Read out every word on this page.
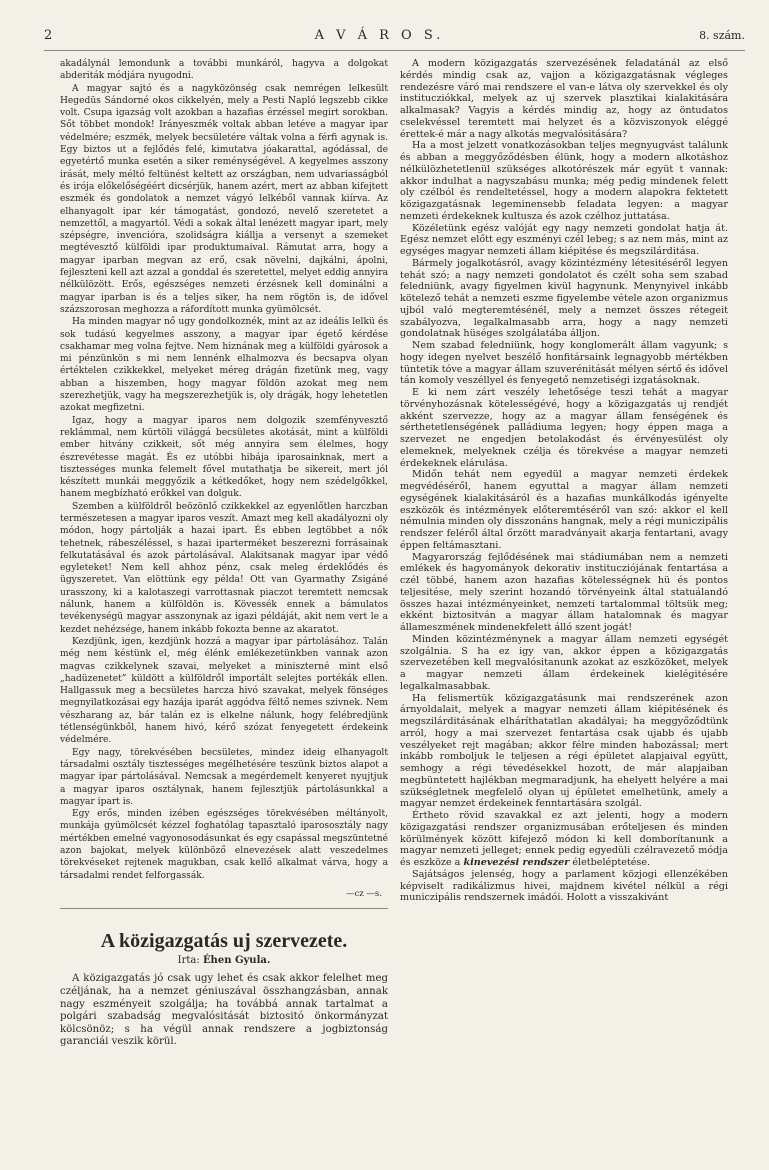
2	A V Á R O S.	8. szám.

akadálynál lemondunk a további munkáról, hagyva a dolgokat abderiták módjára nyugodni.

A magyar sajtó és a nagyközönség csak nemrégen lelkesült Hegedüs Sándorné okos cikkelyén, mely a Pesti Napló legszebb cikke volt. Csupa igazság volt azokban a hazafias érzéssel megirt sorokban. Sőt többet mondok! Irányeszmék voltak abban letéve a magyar ipar védelmére; eszmék, melyek becsületére váltak volna a férfi agynak is. Egy biztos ut a fejlődés felé, kimutatva jóakarattal, agódással, de egyetértő munka esetén a siker reménységével. A kegyelmes asszony irását, mely méltó feltünést keltett az országban, nem udvariasságból és irója előkelőségéért dicsérjük, hanem azért, mert az abban kifejtett eszmék és gondolatok a nemzet vágyó lelkéből vannak kiírva. Az elhanyagolt ipar kér támogatást, gondozó, nevelő szeretetet a nemzettől, a magyartól. Védi a sokak által lenézett magyar ipart, mely szépségre, invencióra, szolidságra kiállja a versenyt a szemeket megtévesztő külföldi ipar produktumaival. Rámutat arra, hogy a magyar iparban megvan az erő, csak növelni, dajkálni, ápolni, fejleszteni kell azt azzal a gonddal és szeretettel, melyet eddig annyira nélkülözött. Erős, egészséges nemzeti érzésnek kell dominálni a magyar iparban is és a teljes siker, ha nem rögtön is, de idővel százszorosan meghozza a ráfordított munka gyümölcsét.

Ha minden magyar nő ugy gondolkoznék, mint az az ideális lelkü és sok tudású kegyelmes asszony, a magyar ipar égető kérdése csakhamar meg volna fejtve. Nem hiznának meg a külföldi gyárosok a mi pénzünkön s mi nem lennénk elhalmozva és becsapva olyan értéktelen czikkekkel, melyeket méreg drágán fizetünk meg, vagy abban a hiszemben, hogy magyar földön azokat meg nem szerezhetjük, vagy ha megszerezhetjük is, oly drágák, hogy lehetetlen azokat megfizetni.

Igaz, hogy a magyar iparos nem dolgozik szemfényvesztő reklámmal, nem kürtöli világgá becsületes akotását, mint a külföldi ember hitvány czikkeit, sőt még annyira sem élelmes, hogy észrevétesse magát. És ez utóbbi hibája iparosainknak, mert a tisztességes munka felemelt fővel mutathatja be sikereit, mert jól készített munkái meggyőzik a kétkedőket, hogy nem szédelgőkkel, hanem megbízható erőkkel van dolguk.

Szemben a külföldről beözönlő czikkekkel az egyenlőtlen harczban természetesen a magyar iparos veszít. Amazt meg kell akadályozni oly módon, hogy pártolják a hazai ipart. És ebben legtöbbet a nők tehetnek, rábeszéléssel, s hazai iparterméket beszerezni forrásainak felkutatásával és azok pártolásával. Alakitsanak magyar ipar védő egyleteket! Nem kell ahhoz pénz, csak meleg érdeklődés és ügyszeretet. Van elöttünk egy példa! Ott van Gyarmathy Zsigáné urasszony, ki a kalotaszegi varrottasnak piaczot teremtett nemcsak nálunk, hanem a külföldön is. Kövessék ennek a bámulatos tevékenységü magyar asszonynak az igazi példáját, akit nem vert le a kezdet nehézsége, hanem inkább fokozta benne az akaratot.

Kezdjünk, igen, kezdjünk hozzá a magyar ipar pártolásához. Talán még nem késtünk el, még élénk emlékezetünkben vannak azon magvas czikkelynek szavai, melyeket a miniszterné mint első „hadüzenetet” küldött a külföldről importált selejtes portékák ellen. Hallgassuk meg a becsületes harcza hivó szavakat, melyek fönséges megnyilatkozásai egy hazája iparát aggódva féltő nemes szivnek. Nem vészharang az, bár talán ez is elkelne nálunk, hogy felébredjünk tétlenségünkből, hanem hivó, kérő szózat fenyegetett érdekeink védelmére.

Egy nagy, törekvésében becsületes, mindez ideig elhanyagolt társadalmi osztály tisztességes megélhetésére teszünk biztos alapot a magyar ipar pártolásával. Nemcsak a megérdemelt kenyeret nyujtjuk a magyar iparos osztálynak, hanem fejlesztjük pártolásunkkal a magyar ipart is.

Egy erős, minden izében egészséges törekvésében méltányolt, munkája gyümölcsét kézzel foghatólag tapasztaló iparososztály nagy mértékben emelné vagyonosodásunkat és egy csapással megszüntetné azon bajokat, melyek különböző elnevezések alatt veszedelmes törekvéseket rejtenek magukban, csak kellő alkalmat várva, hogy a társadalmi rendet felforgassák.

—cz —s.
A közigazgatás uj szervezete.
Irta: Éhen Gyula.

A közigazgatás jó csak ugy lehet és csak akkor felelhet meg czéljának, ha a nemzet géniuszával összhangzásban, annak nagy eszményeit szolgálja; ha továbbá annak tartalmat a polgári szabadság megvalósitását biztositó önkormányzat kölcsönöz; s ha végül annak rendszere a jogbiztonság garanciái veszik körül.

A modern közigazgatás szervezésének feladatánál az első kérdés mindig csak az, vajjon a közigazgatásnak végleges rendezésre váró mai rendszere el van-e látva oly szervekkel és oly institucziókkal, melyek az uj szervek plasztikai kialakitására alkalmasak? Vagyis a kérdés mindig az, hogy az öntudatos cselekvéssel teremtett mai helyzet és a közviszonyok eléggé érettek-é már a nagy alkotás megvalósitására?

Ha a most jelzett vonatkozásokban teljes megnyugvást találunk és abban a meggyőződésben élünk, hogy a modern alkotáshoz nélkülözhetetlenül szükséges alkotórészek már együt t vannak: akkor indulhat a nagyszabásu munka; még pedig mindenek felett oly czélból és rendeltetéssel, hogy a modern alapokra fektetett közigazgatásnak legeminensebb feladata legyen: a magyar nemzeti érdekeknek kultusza és azok czélhoz juttatása.

Közéletünk egész valóját egy nagy nemzeti gondolat hatja át. Egész nemzet előtt egy eszményi czél lebeg; s az nem más, mint az egységes magyar nemzeti állam kiépitése és megszilárditása.

Bármely jogalkotásról, avagy közintézmény létesitéséről legyen tehát szó; a nagy nemzeti gondolatot és czélt soha sem szabad feledniünk, avagy figyelmen kivül hagynunk. Menynyivel inkább kötelező tehát a nemzeti eszme figyelembe vétele azon organizmus ujból való megteremtésénél, mely a nemzet összes rétegeit szabályozva, legalkalmasabb arra, hogy a nagy nemzeti gondolatnak hüséges szolgálatába álljon.

Nem szabad feledniünk, hogy konglomerált állam vagyunk; s hogy idegen nyelvet beszélő honfitársaink legnagyobb mértékben tüntetik tóve a magyar állam szuverénitását mélyen sértő és idővel tán komoly veszéllyel és fenyegető nemzetiségi izgatásoknak.

E ki nem zárt veszély lehetősége teszi tehát a magyar törvényhozásnak kötelességévé, hogy a közigazgatás uj rendjét akként szervezze, hogy az a magyar állam fenségének és sérthetetlenségének palládiuma legyen; hogy éppen maga a szervezet ne engedjen betolakodást és érvényesülést oly elemeknek, melyeknek czélja és törekvése a magyar nemzeti érdekeknek elárulása.

Midőn tehát nem egyedül a magyar nemzeti érdekek megvédéséről, hanem egyuttal a magyar állam nemzeti egységének kialakitásáról és a hazafias munkálkodás igényelte eszközök és intézmények előteremtéséről van szó: akkor el kell némulnia minden oly disszonáns hangnak, mely a régi municzipális rendszer feléről által őrzött maradványait akarja fentartani, avagy éppen feltámasztani.

Magyarország fejlődésének mai stádiumában nem a nemzeti emlékek és hagyományok dekorativ institucziójának fentartása a czél többé, hanem azon hazafias kötelességnek hü és pontos teljesitése, mely szerint hozandó törvényeink által statuálandó összes hazai intézményeinket, nemzeti tartalommal töltsük meg; ekként biztositván a magyar állam hatalomnak és magyar állameszmének mindenekfelett álló szent jogát!

Minden közintézménynek a magyar állam nemzeti egységét szolgálnia. S ha ez igy van, akkor éppen a közigazgatás szervezetében kell megvalósitanunk azokat az eszközöket, melyek a magyar nemzeti állam érdekeinek kielégitésére legalkalmasabbak.

Ha felismertük közigazgatásunk mai rendszerének azon árnyoldalait, melyek a magyar nemzeti állam kiépitésének és megszilárditásának elháríthatatlan akadályai; ha meggyőződtünk arról, hogy a mai szervezet fentartása csak ujabb és ujabb veszélyeket rejt magában; akkor félre minden habozással; mert inkább romboljuk le teljesen a régi épületet alapjaival együtt, semhogy a régi tévedésekkel hozott, de már alapjaiban megbüntetett hajlékban megmaradjunk, ha ehelyett helyére a mai szükségletnek megfelelő olyan uj épületet emelhetünk, amely a magyar nemzet érdekeinek fenntartására szolgál.

Értheto rövid szavakkal ez azt jelenti, hogy a modern közigazgatási rendszer organizmusában erőteljesen és minden körülmények között kifejező módon ki kell domborítanunk a magyar nemzeti jelleget; ennek pedig egyedüli czélravezető módja és eszköze a kinevezési rendszer életbeléptetése.

Sajátságos jelenség, hogy a parlament közjogi ellenzékében képviselt radikálizmus hivei, majdnem kivétel nélkül a régi municzipális rendszernek imádói. Holott a visszakivánt
